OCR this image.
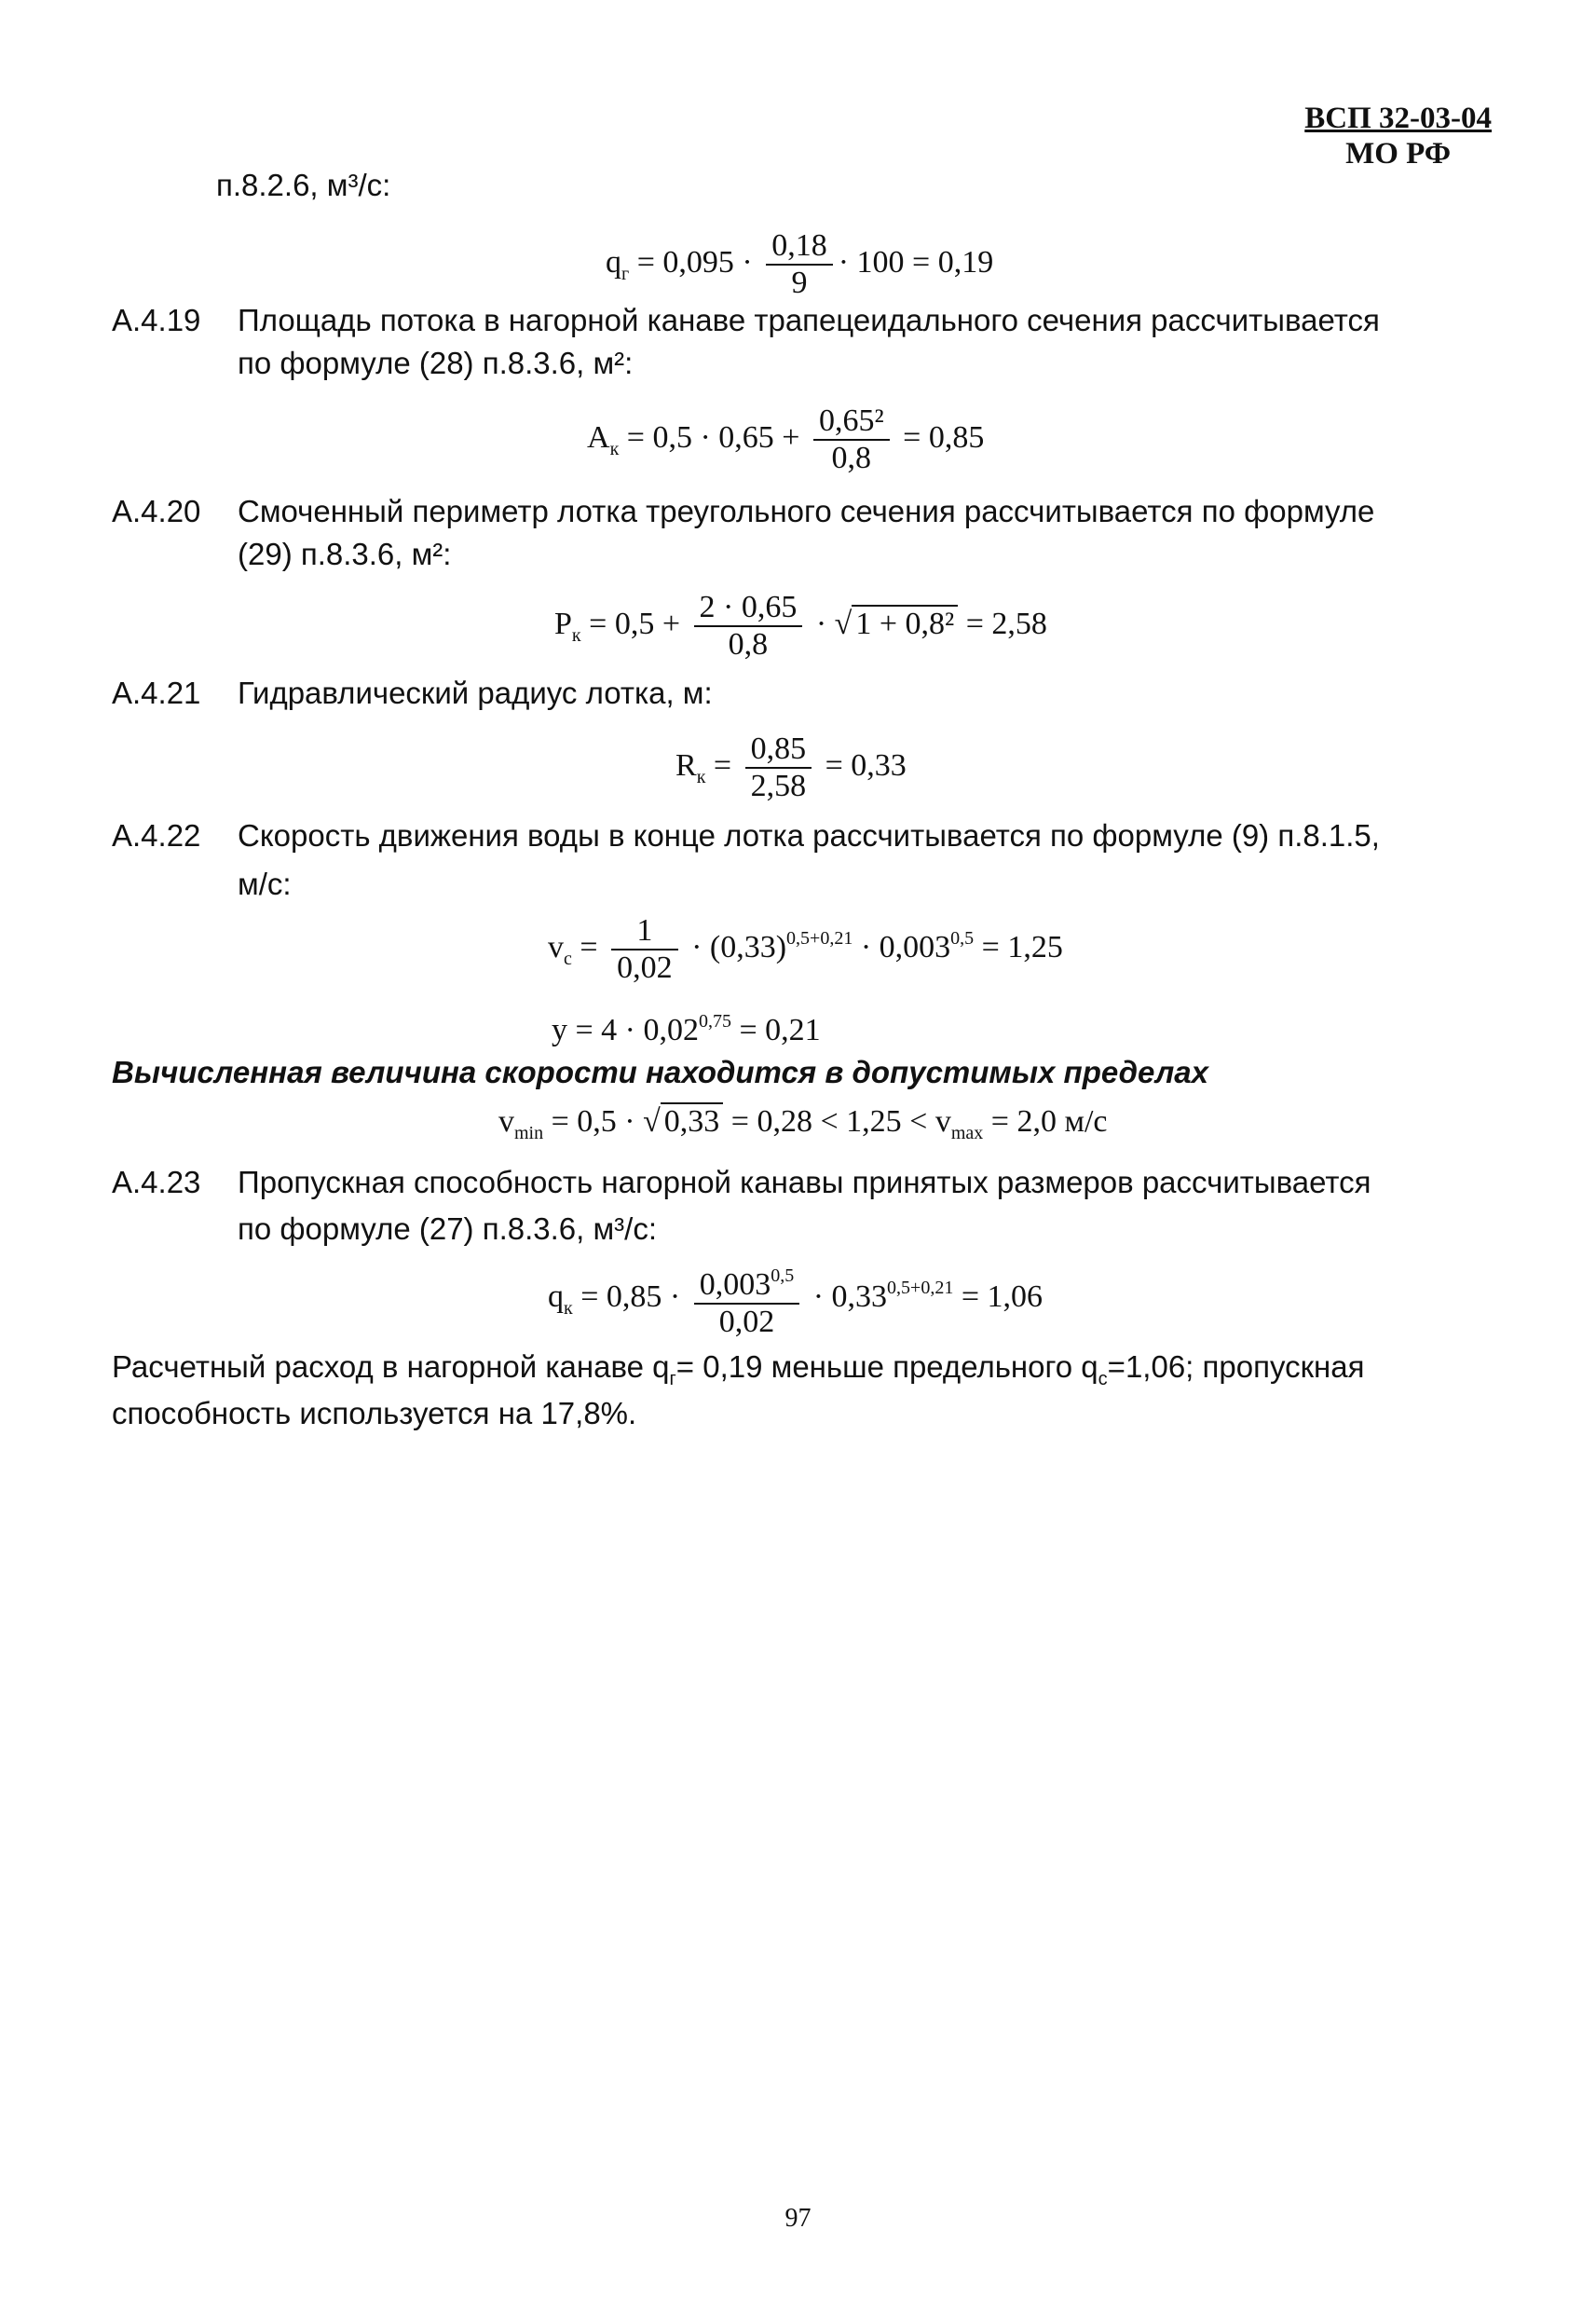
ВСП 32-03-04
МО РФ
п.8.2.6, м³/с:
$q_г = 0,095 \cdot \frac{0,18}{9} \cdot 100 = 0,19$
А.4.19 Площадь потока в нагорной канаве трапецеидального сечения рассчитывается
по формуле (28) п.8.3.6, м²:
$A_к = 0,5 \cdot 0,65 + \frac{\text{0,65²}}{0,8} = 0,85$
А.4.20 Смоченный периметр лотка треугольного сечения рассчитывается по формуле
(29) п.8.3.6, м²:
$P_к = 0,5 + \frac{2 \cdot 0,65}{0,8}$ · √ 1 + 0,8² = 2,58
А.4.21 Гидравлический радиус лотка, м:
$R_к = \frac{0,85}{2,58} = 0,33$
А.4.22 Скорость движения воды в конце лотка рассчитывается по формуле (9) п.8.1.5,
м/с:
$v_с = \frac{1}{0,02} \cdot (0,33)^{0,5+0,21} \cdot 0,003^{0,5} = 1,25$
$y = 4 \cdot 0,02^{0,75} = 0,21$
Вычисленная величина скорости находится в допустимых пределах
$v_{min} = 0,5$ · √ $0,33 = 0,28 < 1,25 < v_{max} = 2,0$ м/с
А.4.23 Пропускная способность нагорной канавы принятых размеров рассчитывается
по формуле (27) п.8.3.6, м³/с:
$q_к = 0,85 \cdot \frac{0,003^{0,5}}{0,02} \cdot 0,33^{0,5+0,21} = 1,06$
Расчетный расход в нагорной канаве $q_г= 0,19$ меньше предельного $q_с=1,06$; пропускная
способность используется на 17,8%.
97
